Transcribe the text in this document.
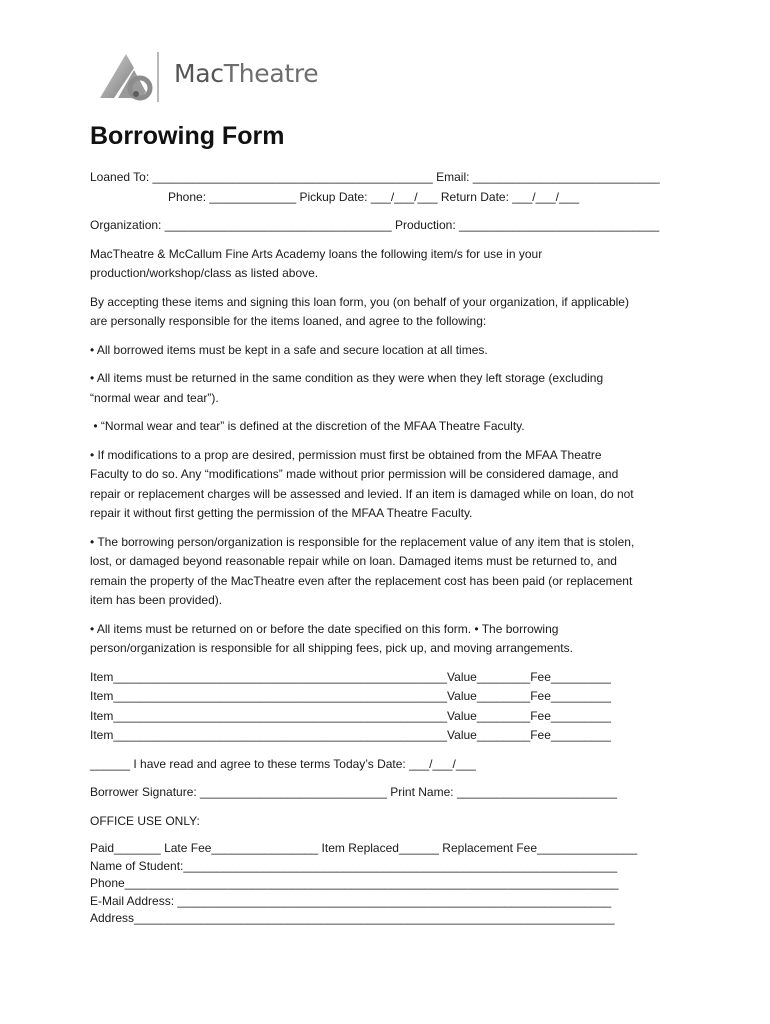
MacTheatre
Borrowing Form
Loaned To: __________________________________________ Email: ____________________________
Phone: _____________ Pickup Date: ___/___/___ Return Date: ___/___/___
Organization: __________________________________ Production: ______________________________
MacTheatre & McCallum Fine Arts Academy loans the following item/s for use in your
production/workshop/class as listed above.
By accepting these items and signing this loan form, you (on behalf of your organization, if applicable)
are personally responsible for the items loaned, and agree to the following:
• All borrowed items must be kept in a safe and secure location at all times.
• All items must be returned in the same condition as they were when they left storage (excluding
“normal wear and tear”).
• “Normal wear and tear” is defined at the discretion of the MFAA Theatre Faculty.
• If modifications to a prop are desired, permission must first be obtained from the MFAA Theatre
Faculty to do so. Any “modifications” made without prior permission will be considered damage, and
repair or replacement charges will be assessed and levied. If an item is damaged while on loan, do not
repair it without first getting the permission of the MFAA Theatre Faculty.
• The borrowing person/organization is responsible for the replacement value of any item that is stolen,
lost, or damaged beyond reasonable repair while on loan. Damaged items must be returned to, and
remain the property of the MacTheatre even after the replacement cost has been paid (or replacement
item has been provided).
• All items must be returned on or before the date specified on this form. • The borrowing
person/organization is responsible for all shipping fees, pick up, and moving arrangements.
Item__________________________________________________Value________Fee_________
Item__________________________________________________Value________Fee_________
Item__________________________________________________Value________Fee_________
Item__________________________________________________Value________Fee_________
______ I have read and agree to these terms Today’s Date: ___/___/___
Borrower Signature: ____________________________ Print Name: ________________________
OFFICE USE ONLY:
Paid_______ Late Fee________________ Item Replaced______ Replacement Fee_______________
Name of Student:_________________________________________________________________
Phone__________________________________________________________________________
E-Mail Address: _________________________________________________________________
Address________________________________________________________________________
